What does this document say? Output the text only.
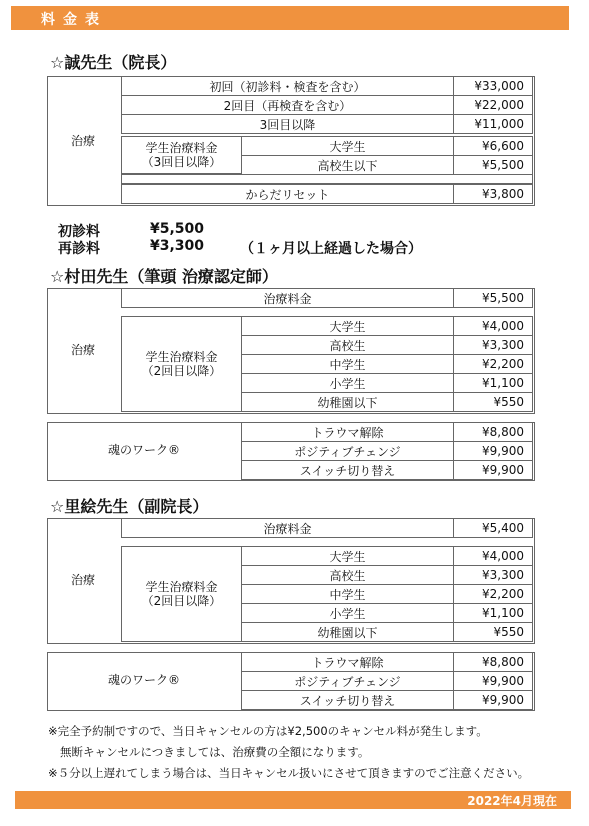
料金表
☆誠先生（院長）
治療
初回（初診料・検査を含む）	¥33,000
2回目（再検査を含む）	¥22,000
3回目以降	¥11,000
学生治療料金
（3回目以降）
大学生	¥6,600
高校生以下	¥5,500
からだリセット	¥3,800
初診料	¥5,500
再診料	¥3,300	（１ヶ月以上経過した場合）
☆村田先生（筆頭 治療認定師）
治療
治療料金	¥5,500
学生治療料金
（2回目以降）
大学生	¥4,000
高校生	¥3,300
中学生	¥2,200
小学生	¥1,100
幼稚園以下	¥550
魂のワーク®
トラウマ解除	¥8,800
ポジティブチェンジ	¥9,900
スイッチ切り替え	¥9,900
☆里絵先生（副院長）
治療
治療料金	¥5,400
学生治療料金
（2回目以降）
大学生	¥4,000
高校生	¥3,300
中学生	¥2,200
小学生	¥1,100
幼稚園以下	¥550
魂のワーク®
トラウマ解除	¥8,800
ポジティブチェンジ	¥9,900
スイッチ切り替え	¥9,900
※完全予約制ですので、当日キャンセルの方は¥2,500のキャンセル料が発生します。
無断キャンセルにつきましては、治療費の全額になります。
※５分以上遅れてしまう場合は、当日キャンセル扱いにさせて頂きますのでご注意ください。
2022年4月現在
